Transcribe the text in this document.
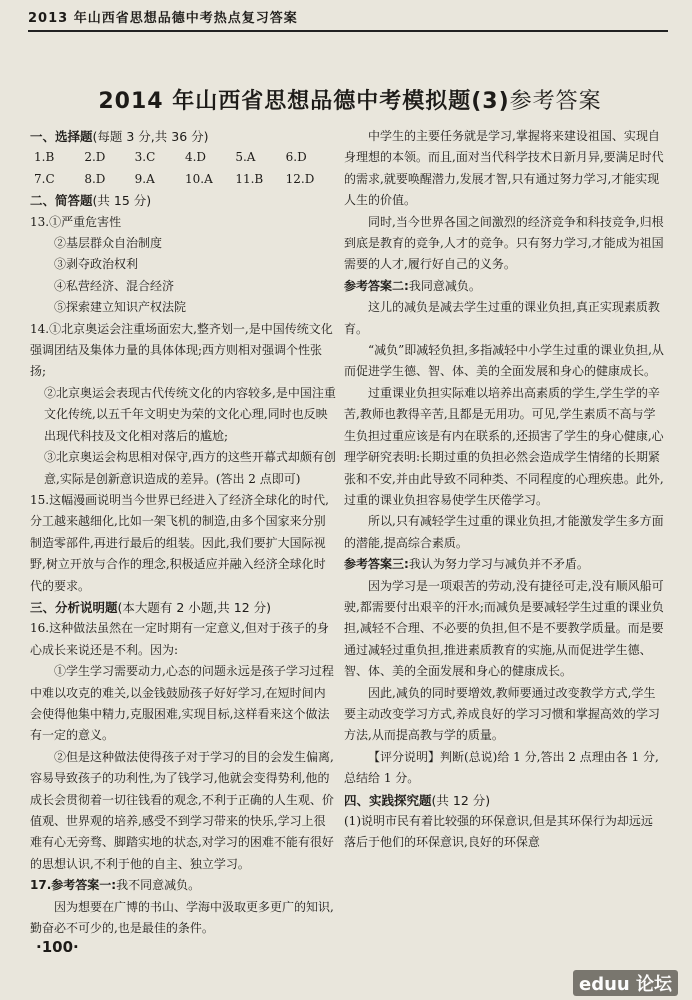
2013 年山西省思想品德中考热点复习答案
2014 年山西省思想品德中考模拟题(3)参考答案
一、选择题(每题 3 分,共 36 分)
1.B	2.D	3.C	4.D	5.A	6.D
7.C	8.D	9.A	10.A	11.B	12.D
二、简答题(共 15 分)

13.①严重危害性

②基层群众自治制度

③剥夺政治权利

④私营经济、混合经济

⑤探索建立知识产权法院

14.①北京奥运会注重场面宏大,整齐划一,是中国传统文化强调团结及集体力量的具体体现;西方则相对强调个性张扬;

②北京奥运会表现古代传统文化的内容较多,是中国注重文化传统,以五千年文明史为荣的文化心理,同时也反映出现代科技及文化相对落后的尴尬;

③北京奥运会构思相对保守,西方的这些开幕式却颇有创意,实际是创新意识造成的差异。(答出 2 点即可)

15.这幅漫画说明当今世界已经进入了经济全球化的时代,分工越来越细化,比如一架飞机的制造,由多个国家来分别制造零部件,再进行最后的组装。因此,我们要扩大国际视野,树立开放与合作的理念,积极适应并融入经济全球化时代的要求。

三、分析说明题(本大题有 2 小题,共 12 分)

16.这种做法虽然在一定时期有一定意义,但对于孩子的身心成长来说还是不利。因为:

①学生学习需要动力,心态的问题永远是孩子学习过程中难以攻克的难关,以金钱鼓励孩子好好学习,在短时间内会使得他集中精力,克服困难,实现目标,这样看来这个做法有一定的意义。

②但是这种做法使得孩子对于学习的目的会发生偏离,容易导致孩子的功利性,为了钱学习,他就会变得势利,他的成长会贯彻着一切往钱看的观念,不利于正确的人生观、价值观、世界观的培养,感受不到学习带来的快乐,学习上很难有心无旁骛、脚踏实地的状态,对学习的困难不能有很好的思想认识,不利于他的自主、独立学习。

17.参考答案一:我不同意减负。

因为想要在广博的书山、学海中汲取更多更广的知识,勤奋必不可少的,也是最佳的条件。

中学生的主要任务就是学习,掌握将来建设祖国、实现自身理想的本领。而且,面对当代科学技术日新月异,要满足时代的需求,就要唤醒潜力,发展才智,只有通过努力学习,才能实现人生的价值。

同时,当今世界各国之间激烈的经济竞争和科技竞争,归根到底是教育的竞争,人才的竞争。只有努力学习,才能成为祖国需要的人才,履行好自己的义务。

参考答案二:我同意减负。

这儿的减负是减去学生过重的课业负担,真正实现素质教育。

“减负”即减轻负担,多指减轻中小学生过重的课业负担,从而促进学生德、智、体、美的全面发展和身心的健康成长。

过重课业负担实际难以培养出高素质的学生,学生学的辛苦,教师也教得辛苦,且都是无用功。可见,学生素质不高与学生负担过重应该是有内在联系的,还损害了学生的身心健康,心理学研究表明:长期过重的负担必然会造成学生情绪的长期紧张和不安,并由此导致不同种类、不同程度的心理疾患。此外,过重的课业负担容易使学生厌倦学习。

所以,只有减轻学生过重的课业负担,才能激发学生多方面的潜能,提高综合素质。

参考答案三:我认为努力学习与减负并不矛盾。

因为学习是一项艰苦的劳动,没有捷径可走,没有顺风船可驶,都需要付出艰辛的汗水;而减负是要减轻学生过重的课业负担,减轻不合理、不必要的负担,但不是不要教学质量。而是要通过减轻过重负担,推进素质教育的实施,从而促进学生德、智、体、美的全面发展和身心的健康成长。

因此,减负的同时要增效,教师要通过改变教学方式,学生要主动改变学习方式,养成良好的学习习惯和掌握高效的学习方法,从而提高教与学的质量。

【评分说明】判断(总说)给 1 分,答出 2 点理由各 1 分,总结给 1 分。

四、实践探究题(共 12 分)

(1)说明市民有着比较强的环保意识,但是其环保行为却远远落后于他们的环保意识,良好的环保意

·100·
eduu 论坛
